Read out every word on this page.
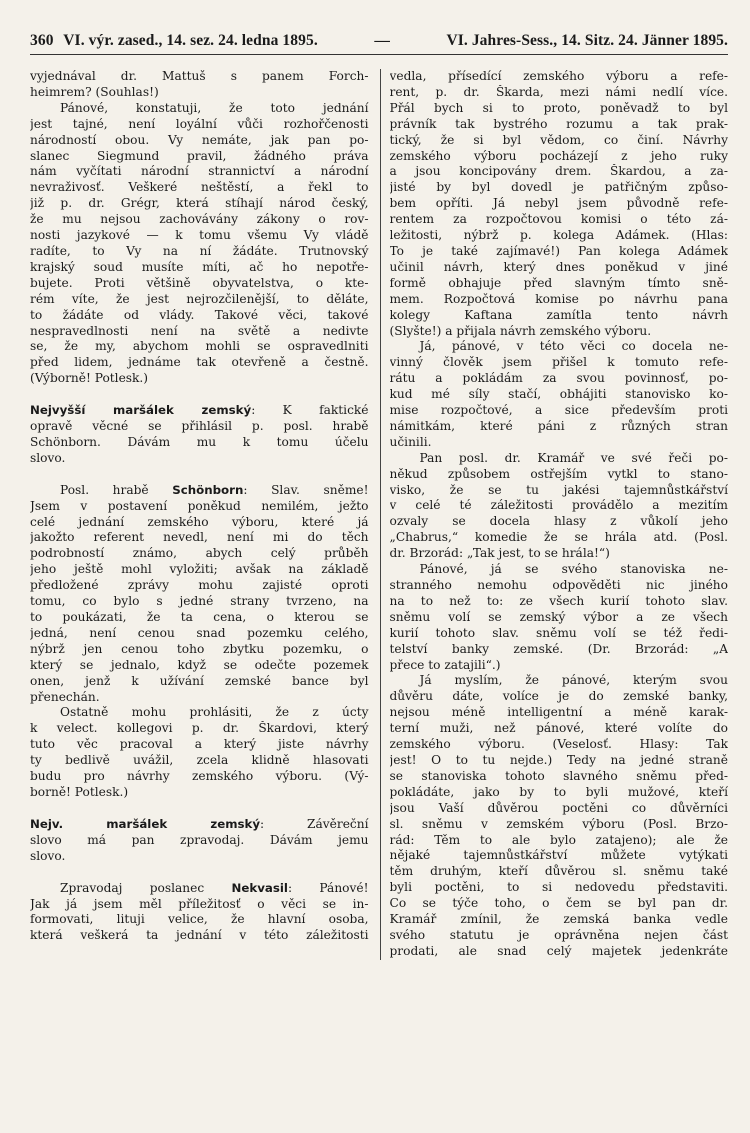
360 VI. výr. zased., 14. sez. 24. ledna 1895.	—	VI. Jahres-Sess., 14. Sitz. 24. Jänner 1895.
vyjednával dr. Mattuš s panem Forch-
heimrem? (Souhlas!)
Pánové, konstatuji, že toto jednání
jest tajné, není loyální vůči rozhořčenosti
národností obou. Vy nemáte, jak pan po-
slanec Siegmund pravil, žádného práva
nám vyčítati národní strannictví a národní
nevraživosť. Veškeré neštěstí, a řekl to
již p. dr. Grégr, která stíhají národ český,
že mu nejsou zachovávány zákony o rov-
nosti jazykové — k tomu všemu Vy vládě
radíte, to Vy na ní žádáte. Trutnovský
krajský soud musíte míti, ač ho nepotře-
bujete. Proti většině obyvatelstva, o kte-
rém víte, že jest nejrozčilenější, to děláte,
to žádáte od vlády. Takové věci, takové
nespravedlnosti není na světě a nedivte
se, že my, abychom mohli se ospravedlniti
před lidem, jednáme tak otevřeně a čestně.
(Výborně! Potlesk.)
Nejvyšší maršálek zemský: K faktické
opravě věcné se přihlásil p. posl. hrabě
Schönborn. Dávám mu k tomu účelu
slovo.
Posl. hrabě Schönborn: Slav. sněme!
Jsem v postavení poněkud nemilém, ježto
celé jednání zemského výboru, které já
jakožto referent nevedl, není mi do těch
podrobností známo, abych celý průběh
jeho ještě mohl vyložiti; avšak na základě
předložené zprávy mohu zajisté oproti
tomu, co bylo s jedné strany tvrzeno, na
to poukázati, že ta cena, o kterou se
jedná, není cenou snad pozemku celého,
nýbrž jen cenou toho zbytku pozemku, o
který se jednalo, když se odečte pozemek
onen, jenž k užívání zemské bance byl
přenechán.
Ostatně mohu prohlásiti, že z úcty
k velect. kollegovi p. dr. Škardovi, který
tuto věc pracoval a který jiste návrhy
ty bedlivě uvážil, zcela klidně hlasovati
budu pro návrhy zemského výboru. (Vý-
borně! Potlesk.)
Nejv. maršálek zemský: Závěreční
slovo má pan zpravodaj. Dávám jemu
slovo.
Zpravodaj poslanec Nekvasil: Pánové!
Jak já jsem měl příležitosť o věci se in-
formovati, lituji velice, že hlavní osoba,
která veškerá ta jednání v této záležitosti
vedla, přísedící zemského výboru a refe-
rent, p. dr. Škarda, mezi námi nedlí více.
Přál bych si to proto, poněvadž to byl
právník tak bystrého rozumu a tak prak-
tický, že si byl vědom, co činí. Návrhy
zemského výboru pocházejí z jeho ruky
a jsou koncipovány drem. Škardou, a za-
jisté by byl dovedl je patřičným způso-
bem opříti. Já nebyl jsem původně refe-
rentem za rozpočtovou komisi o této zá-
ležitosti, nýbrž p. kolega Adámek. (Hlas:
To je také zajímavé!) Pan kolega Adámek
učinil návrh, který dnes poněkud v jiné
formě obhajuje před slavným tímto sně-
mem. Rozpočtová komise po návrhu pana
kolegy Kaftana zamítla tento návrh
(Slyšte!) a přijala návrh zemského výboru.
Já, pánové, v této věci co docela ne-
vinný člověk jsem přišel k tomuto refe-
rátu a pokládám za svou povinnosť, po-
kud mé síly stačí, obhájiti stanovisko ko-
mise rozpočtové, a sice především proti
námitkám, které páni z různých stran
učinili.
Pan posl. dr. Kramář ve své řeči po-
někud způsobem ostřejším vytkl to stano-
visko, že se tu jakési tajemnůstkářství
v celé té záležitosti provádělo a mezitím
ozvaly se docela hlasy z vůkolí jeho
„Chabrus,“ komedie že se hrála atd. (Posl.
dr. Brzorád: „Tak jest, to se hrála!“)
Pánové, já se svého stanoviska ne-
stranného nemohu odpověděti nic jiného
na to než to: ze všech kurií tohoto slav.
sněmu volí se zemský výbor a ze všech
kurií tohoto slav. sněmu volí se též ředi-
telství banky zemské. (Dr. Brzorád: „A
přece to zatajili“.)
Já myslím, že pánové, kterým svou
důvěru dáte, volíce je do zemské banky,
nejsou méně intelligentní a méně karak-
terní muži, než pánové, které volíte do
zemského výboru. (Veselosť. Hlasy: Tak
jest! O to tu nejde.) Tedy na jedné straně
se stanoviska tohoto slavného sněmu před-
pokládáte, jako by to byli mužové, kteří
jsou Vaší důvěrou poctěni co důvěrníci
sl. sněmu v zemském výboru (Posl. Brzo-
rád: Těm to ale bylo zatajeno); ale že
nějaké tajemnůstkářství můžete vytýkati
těm druhým, kteří důvěrou sl. sněmu také
byli poctěni, to si nedovedu představiti.
Co se týče toho, o čem se byl pan dr.
Kramář zmínil, že zemská banka vedle
svého statutu je oprávněna nejen část
prodati, ale snad celý majetek jedenkráte
